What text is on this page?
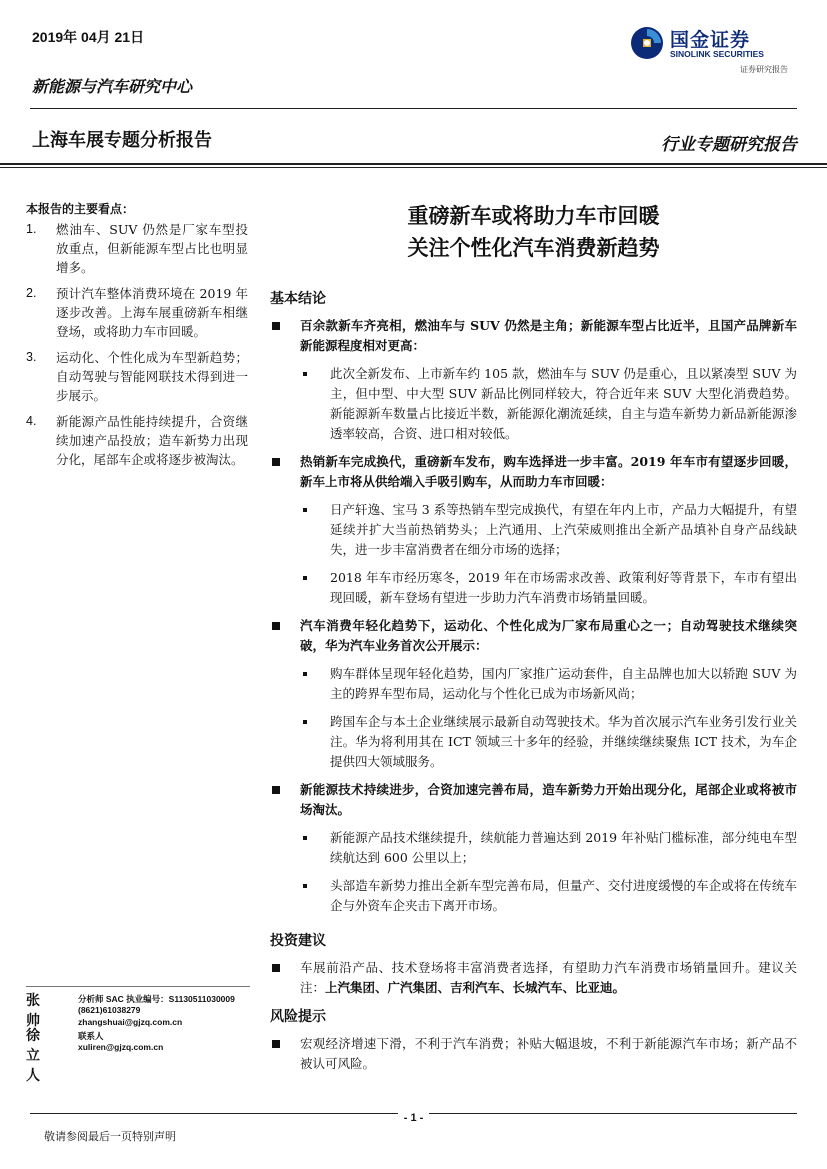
2019年 04月 21日
新能源与汽车研究中心
上海车展专题分析报告	行业专题研究报告
国金证券
SINOLINK SECURITIES
证券研究报告
本报告的主要看点：
1. 燃油车、SUV 仍然是厂家车型投放重点，但新能源车型占比也明显增多。
2. 预计汽车整体消费环境在 2019 年逐步改善。上海车展重磅新车相继登场，或将助力车市回暖。
3. 运动化、个性化成为车型新趋势；自动驾驶与智能网联技术得到进一步展示。
4. 新能源产品性能持续提升，合资继续加速产品投放；造车新势力出现分化，尾部车企或将逐步被淘汰。
张帅
分析师 SAC 执业编号：S1130511030009
(8621)61038279
zhangshuai@gjzq.com.cn
徐立人
联系人
xuliren@gjzq.com.cn
重磅新车或将助力车市回暖
关注个性化汽车消费新趋势
基本结论
百余款新车齐亮相，燃油车与 SUV 仍然是主角；新能源车型占比近半，且国产品牌新车新能源程度相对更高：
此次全新发布、上市新车约 105 款，燃油车与 SUV 仍是重心，且以紧凑型 SUV 为主，但中型、中大型 SUV 新品比例同样较大，符合近年来 SUV 大型化消费趋势。新能源新车数量占比接近半数，新能源化潮流延续，自主与造车新势力新品新能源渗透率较高，合资、进口相对较低。
热销新车完成换代，重磅新车发布，购车选择进一步丰富。2019 年车市有望逐步回暖，新车上市将从供给端入手吸引购车，从而助力车市回暖：
日产轩逸、宝马 3 系等热销车型完成换代，有望在年内上市，产品力大幅提升，有望延续并扩大当前热销势头；上汽通用、上汽荣威则推出全新产品填补自身产品线缺失，进一步丰富消费者在细分市场的选择；
2018 年车市经历寒冬，2019 年在市场需求改善、政策利好等背景下，车市有望出现回暖，新车登场有望进一步助力汽车消费市场销量回暖。
汽车消费年轻化趋势下，运动化、个性化成为厂家布局重心之一；自动驾驶技术继续突破，华为汽车业务首次公开展示：
购车群体呈现年轻化趋势，国内厂家推广运动套件，自主品牌也加大以轿跑 SUV 为主的跨界车型布局，运动化与个性化已成为市场新风尚；
跨国车企与本土企业继续展示最新自动驾驶技术。华为首次展示汽车业务引发行业关注。华为将利用其在 ICT 领域三十多年的经验，并继续继续聚焦 ICT 技术，为车企提供四大领域服务。
新能源技术持续进步，合资加速完善布局，造车新势力开始出现分化，尾部企业或将被市场淘汰。
新能源产品技术继续提升，续航能力普遍达到 2019 年补贴门槛标准，部分纯电车型续航达到 600 公里以上；
头部造车新势力推出全新车型完善布局，但量产、交付进度缓慢的车企或将在传统车企与外资车企夹击下离开市场。
投资建议
车展前沿产品、技术登场将丰富消费者选择，有望助力汽车消费市场销量回升。建议关注：上汽集团、广汽集团、吉利汽车、长城汽车、比亚迪。
风险提示
宏观经济增速下滑，不利于汽车消费；补贴大幅退坡，不利于新能源汽车市场；新产品不被认可风险。
- 1 -
敬请参阅最后一页特别声明
